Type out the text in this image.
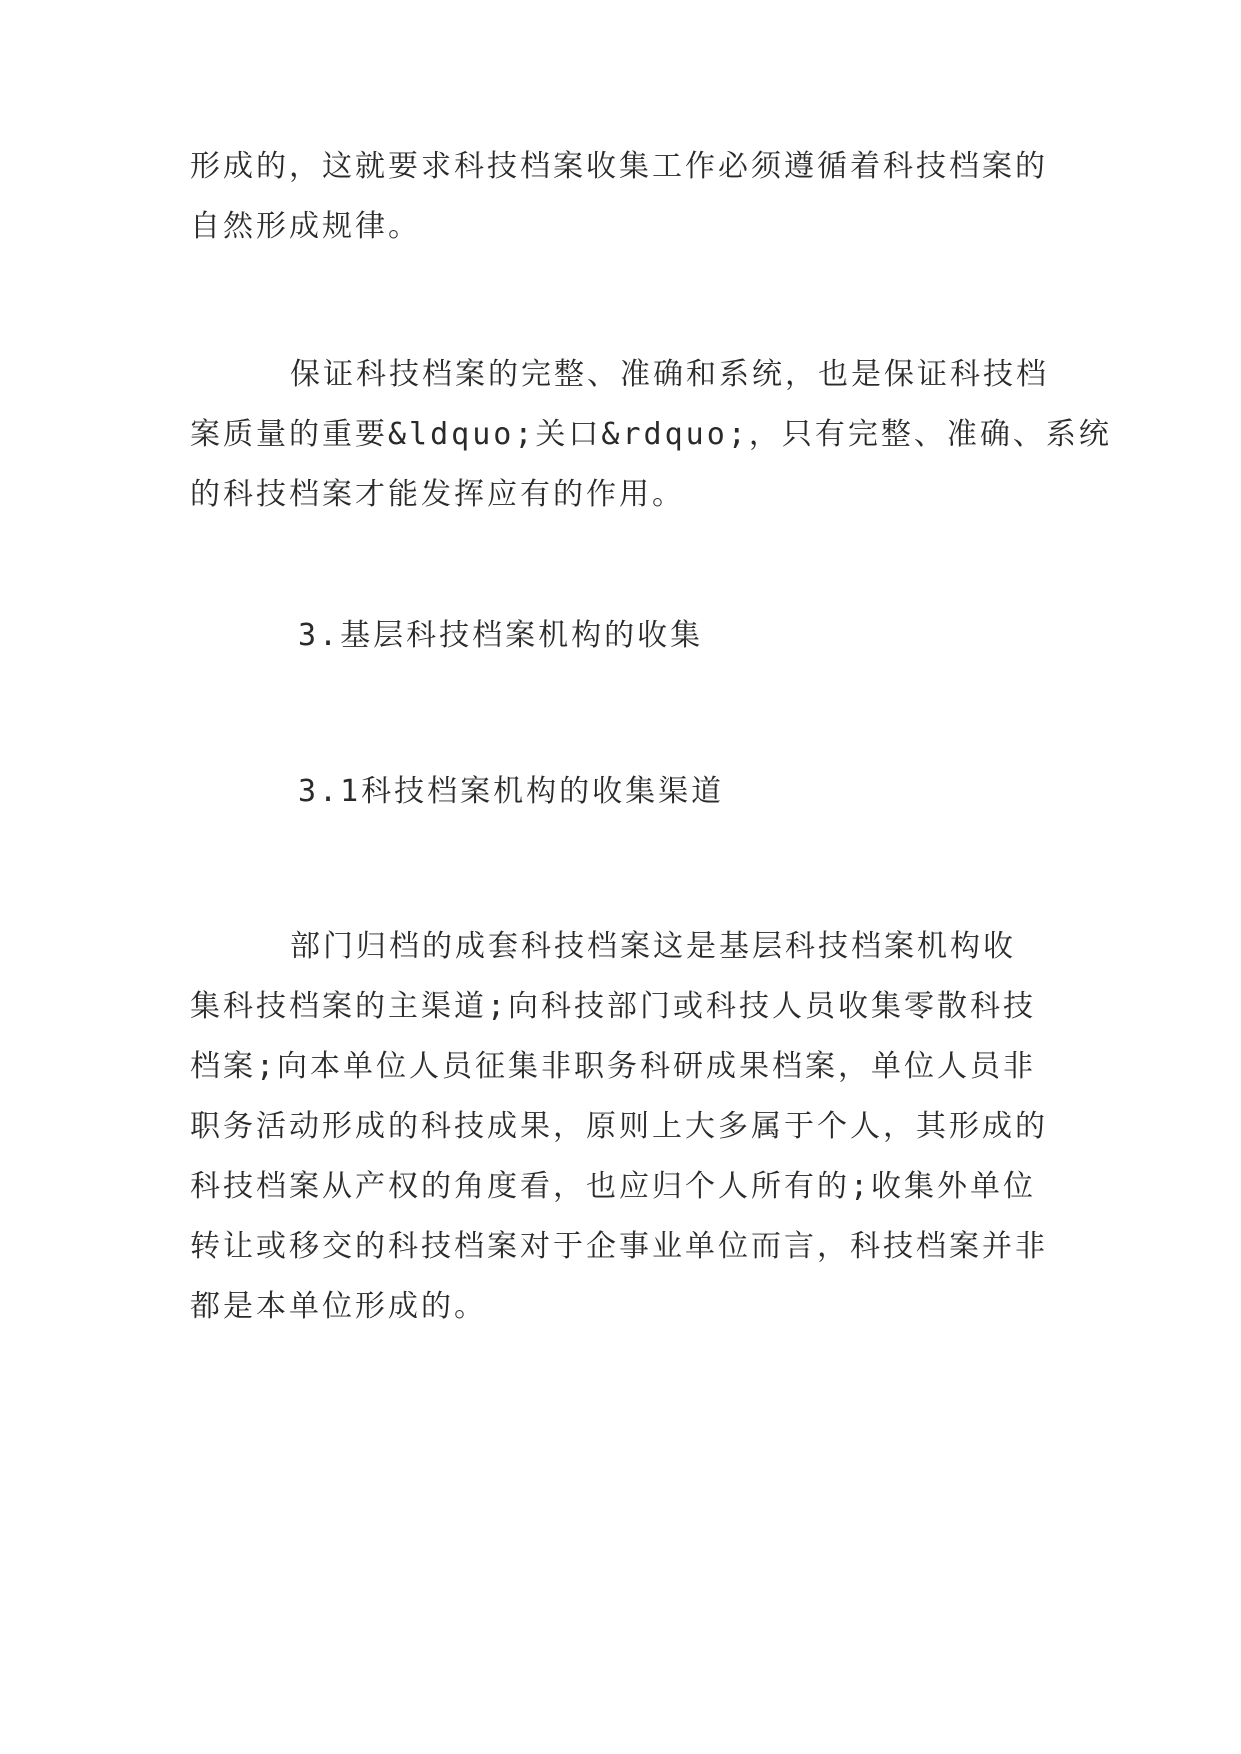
形成的，这就要求科技档案收集工作必须遵循着科技档案的
自然形成规律。
保证科技档案的完整、准确和系统，也是保证科技档
案质量的重要&ldquo;关口&rdquo;，只有完整、准确、系统
的科技档案才能发挥应有的作用。
3.基层科技档案机构的收集
3.1科技档案机构的收集渠道
部门归档的成套科技档案这是基层科技档案机构收
集科技档案的主渠道;向科技部门或科技人员收集零散科技
档案;向本单位人员征集非职务科研成果档案，单位人员非
职务活动形成的科技成果，原则上大多属于个人，其形成的
科技档案从产权的角度看，也应归个人所有的;收集外单位
转让或移交的科技档案对于企事业单位而言，科技档案并非
都是本单位形成的。
